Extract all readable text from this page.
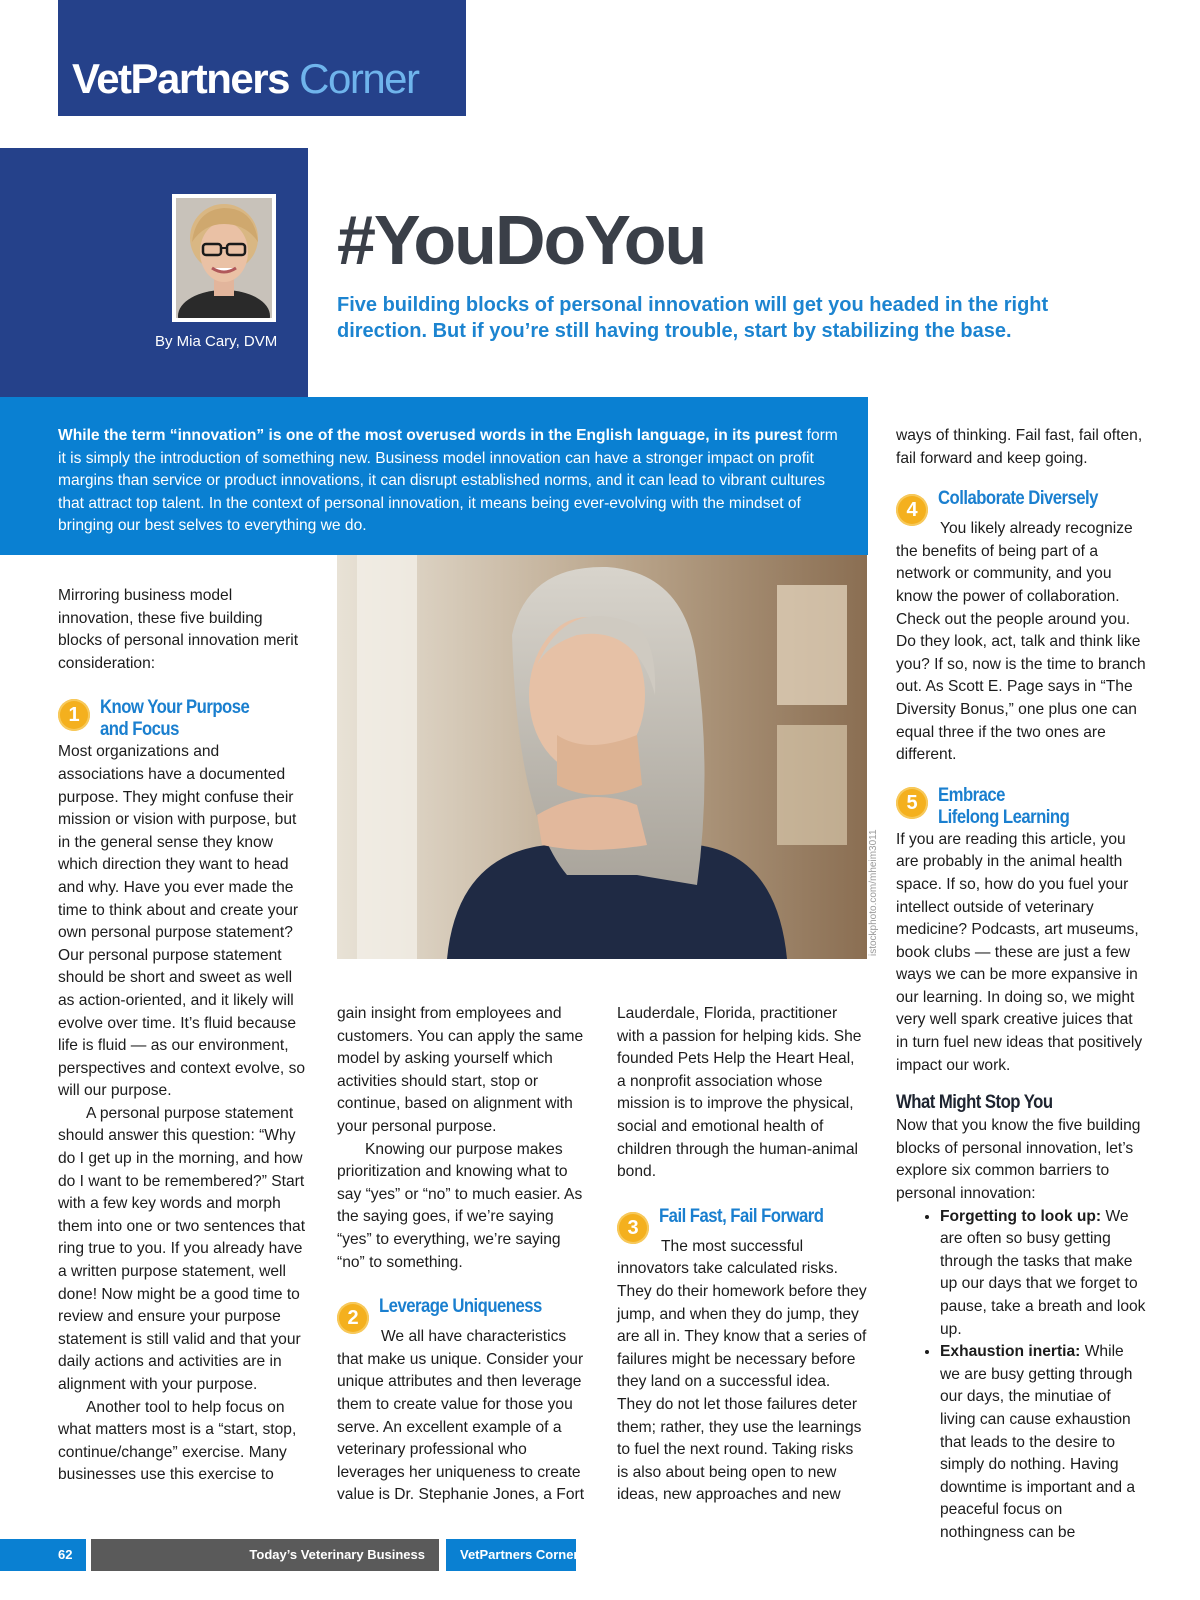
VetPartners Corner
By Mia Cary, DVM
#YouDoYou
Five building blocks of personal innovation will get you headed in the right direction. But if you’re still having trouble, start by stabilizing the base.
While the term “innovation” is one of the most overused words in the English language, in its purest form it is simply the introduction of something new. Business model innovation can have a stronger impact on profit margins than service or product innovations, it can disrupt established norms, and it can lead to vibrant cultures that attract top talent. In the context of personal innovation, it means being ever-evolving with the mindset of bringing our best selves to everything we do.
istockphoto.com/mheim3011

Mirroring business model innovation, these five building blocks of personal innovation merit consideration:

1	Know Your Purpose
and Focus

Most organizations and associations have a documented purpose. They might confuse their mission or vision with purpose, but in the general sense they know which direction they want to head and why. Have you ever made the time to think about and create your own personal purpose statement? Our personal purpose statement should be short and sweet as well as action-oriented, and it likely will evolve over time. It’s fluid because life is fluid — as our environment, perspectives and context evolve, so will our purpose.

A personal purpose statement should answer this question: “Why do I get up in the morning, and how do I want to be remembered?” Start with a few key words and morph them into one or two sentences that ring true to you. If you already have a written purpose statement, well done! Now might be a good time to review and ensure your purpose statement is still valid and that your daily actions and activities are in alignment with your purpose.

Another tool to help focus on what matters most is a “start, stop, continue/change” exercise. Many businesses use this exercise to

gain insight from employees and customers. You can apply the same model by asking yourself which activities should start, stop or continue, based on alignment with your personal purpose.

Knowing our purpose makes prioritization and knowing what to say “yes” or “no” to much easier. As the saying goes, if we’re saying “yes” to everything, we’re saying “no” to something.

2
Leverage Uniqueness

We all have characteristics that make us unique. Consider your unique attributes and then leverage them to create value for those you serve. An excellent example of a veterinary professional who leverages her uniqueness to create value is Dr. Stephanie Jones, a Fort

Lauderdale, Florida, practitioner with a passion for helping kids. She founded Pets Help the Heart Heal, a nonprofit association whose mission is to improve the physical, social and emotional health of children through the human-animal bond.

3
Fail Fast, Fail Forward

The most successful innovators take calculated risks. They do their homework before they jump, and when they do jump, they are all in. They know that a series of failures might be necessary before they land on a successful idea. They do not let those failures deter them; rather, they use the learnings to fuel the next round. Taking risks is also about being open to new ideas, new approaches and new

ways of thinking. Fail fast, fail often, fail forward and keep going.

4
Collaborate Diversely

You likely already recognize the benefits of being part of a network or community, and you know the power of collaboration. Check out the people around you. Do they look, act, talk and think like you? If so, now is the time to branch out. As Scott E. Page says in “The Diversity Bonus,” one plus one can equal three if the two ones are different.

5	Embrace
Lifelong Learning

If you are reading this article, you are probably in the animal health space. If so, how do you fuel your intellect outside of veterinary medicine? Podcasts, art museums, book clubs — these are just a few ways we can be more expansive in our learning. In doing so, we might very well spark creative juices that in turn fuel new ideas that positively impact our work.

What Might Stop You

Now that you know the five building blocks of personal innovation, let’s explore six common barriers to personal innovation:

• Forgetting to look up: We are often so busy getting through the tasks that make up our days that we forget to pause, take a breath and look up.
• Exhaustion inertia: While we are busy getting through our days, the minutiae of living can cause exhaustion that leads to the desire to simply do nothing. Having downtime is important and a peaceful focus on nothingness can be
62	Today’s Veterinary Business	VetPartners Corner
